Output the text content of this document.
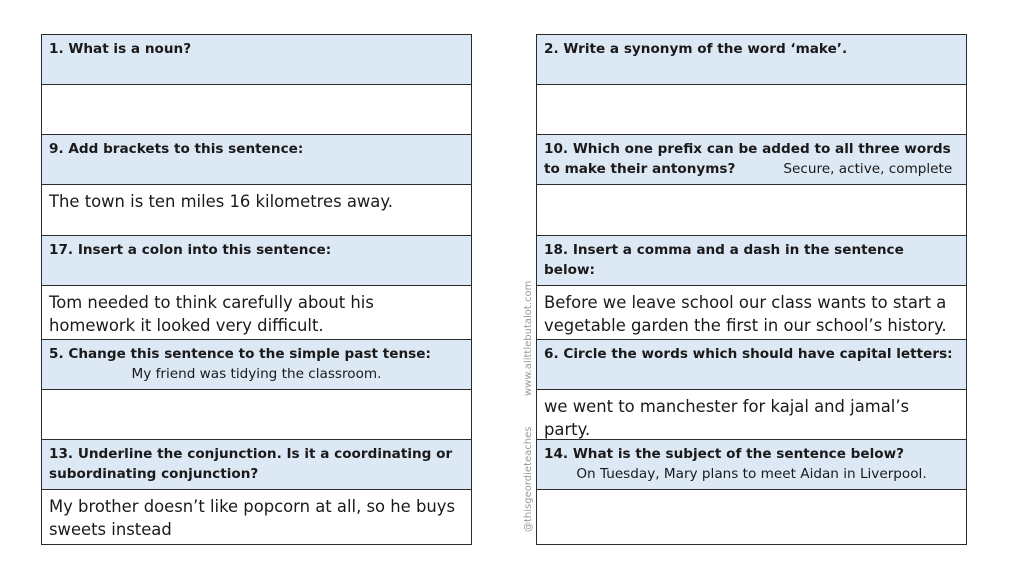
1. What is a noun?
9. Add brackets to this sentence:
The town is ten miles 16 kilometres away.
17. Insert a colon into this sentence:
Tom needed to think carefully about his homework it looked very difficult.
5. Change this sentence to the simple past tense:
My friend was tidying the classroom.
13. Underline the conjunction. Is it a coordinating or subordinating conjunction?
My brother doesn’t like popcorn at all, so he buys sweets instead
www.alittlebutalot.com
@thisgeordieteaches
2. Write a synonym of the word ‘make’.
10. Which one prefix can be added to all three words to make their antonyms?	Secure, active, complete
18. Insert a comma and a dash in the sentence below:
Before we leave school our class wants to start a vegetable garden the first in our school’s history.
6. Circle the words which should have capital letters:
we went to manchester for kajal and jamal’s party.
14. What is the subject of the sentence below?
On Tuesday, Mary plans to meet Aidan in Liverpool.
